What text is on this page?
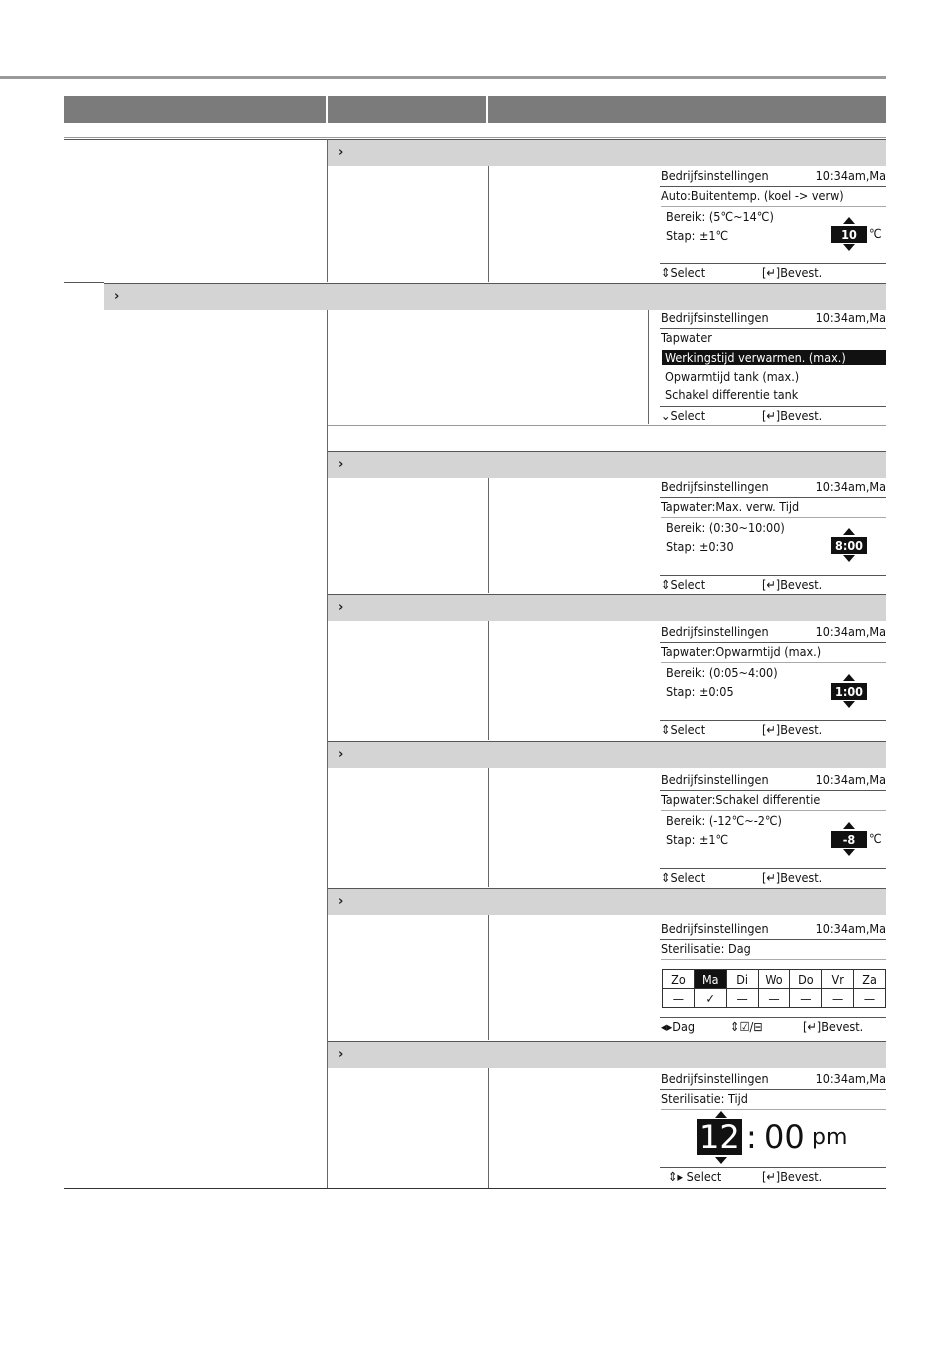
›
›
›
›
›
›
›
Bedrijfsinstellingen	10:34am,Ma
Auto:Buitentemp. (koel -> verw)
Bereik: (5℃~14℃)
Stap: ±1℃	10 ℃
⇕Select	[↵]Bevest.
Bedrijfsinstellingen	10:34am,Ma
Tapwater
Werkingstijd verwarmen. (max.)
Opwarmtijd tank (max.)
Schakel differentie tank
⌄Select	[↵]Bevest.
Bedrijfsinstellingen	10:34am,Ma
Tapwater:Max. verw. Tijd
Bereik: (0:30~10:00)
Stap: ±0:30	8:00
⇕Select	[↵]Bevest.
Bedrijfsinstellingen	10:34am,Ma
Tapwater:Opwarmtijd (max.)
Bereik: (0:05~4:00)
Stap: ±0:05	1:00
⇕Select	[↵]Bevest.
Bedrijfsinstellingen	10:34am,Ma
Tapwater:Schakel differentie
Bereik: (-12℃~-2℃)
Stap: ±1℃	-8	℃
⇕Select	[↵]Bevest.
Bedrijfsinstellingen	10:34am,Ma
Sterilisatie: Dag
Zo	Ma	Di	Wo	Do	Vr	Za
—	✓	—	—	—	—	—
◂▸Dag	⇕☑/⊟	[↵]Bevest.
Bedrijfsinstellingen	10:34am,Ma
Sterilisatie: Tijd
12 : 00 pm
⇕▸ Select	[↵]Bevest.
